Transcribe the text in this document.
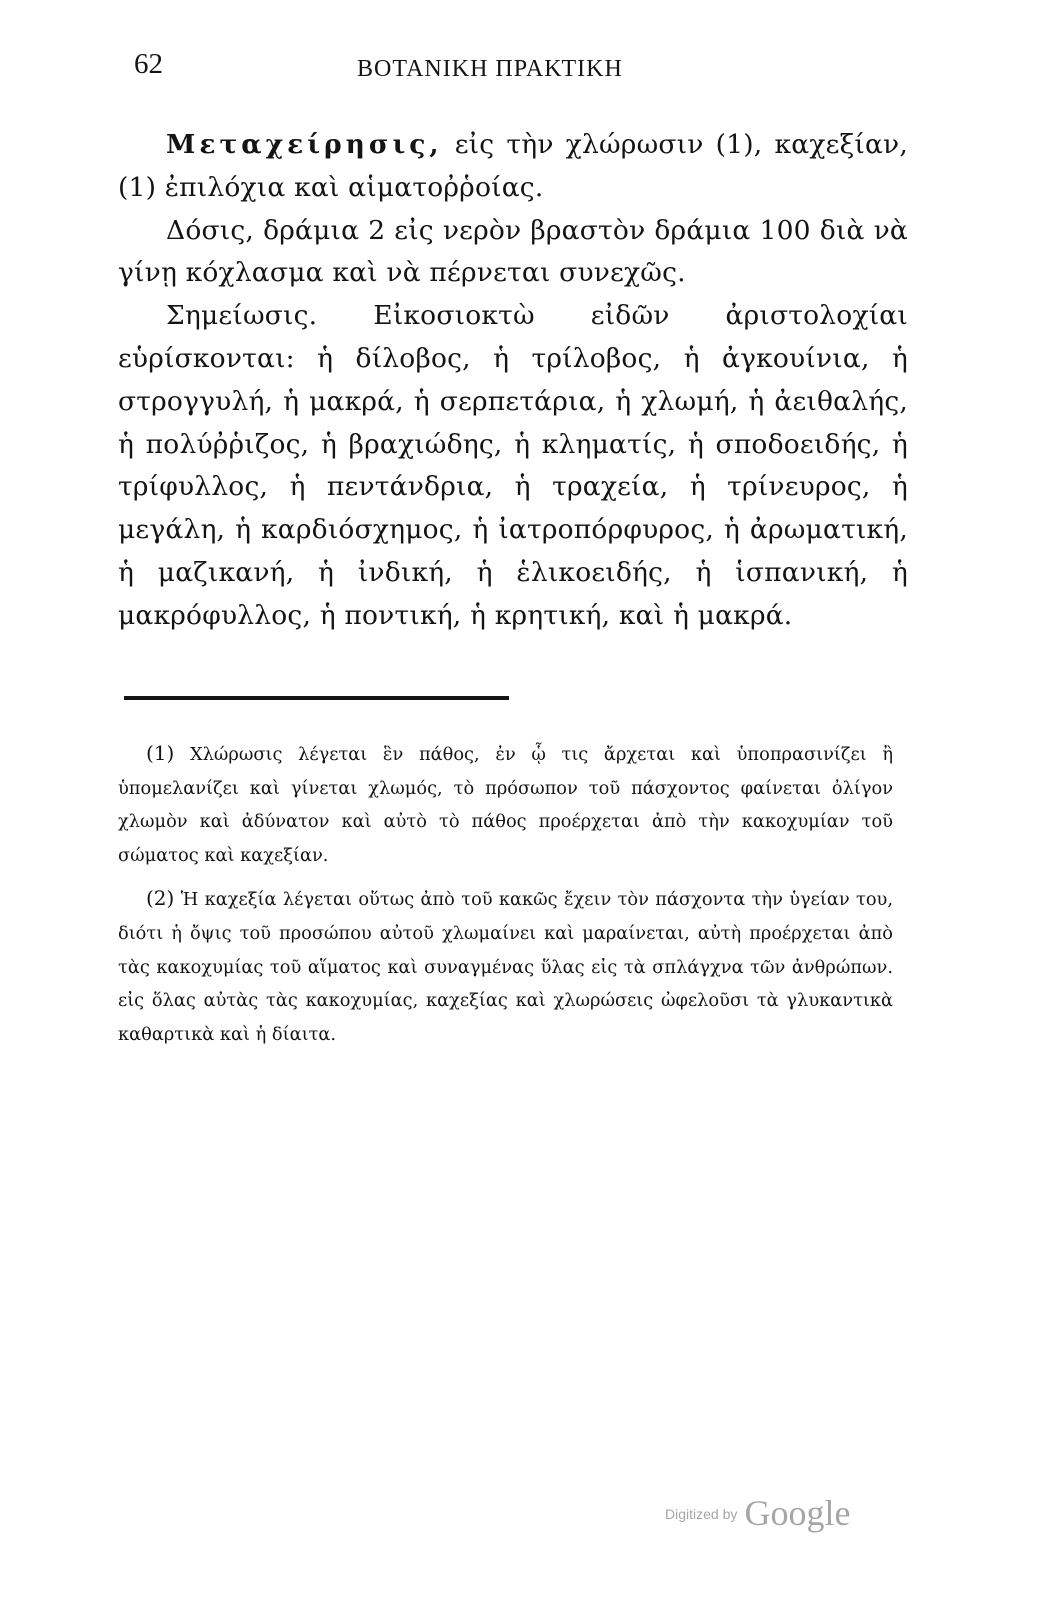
62	ΒΟΤΑΝΙΚΗ ΠΡΑΚΤΙΚΗ

Μεταχείρησις, εἰς τὴν χλώρωσιν (1), καχεξίαν, (1) ἐπιλόχια καὶ αἱματοῤῥοίας.

Δόσις, δράμια 2 εἰς νερὸν βραστὸν δράμια 100 διὰ νὰ γίνῃ κόχλασμα καὶ νὰ πέρνεται συνεχῶς.

Σημείωσις. Εἰκοσιοκτὼ εἰδῶν ἀριστολοχίαι εὑρίσκονται: ἡ δίλοβος, ἡ τρίλοβος, ἡ ἀγκουίνια, ἡ στρογγυλή, ἡ μακρά, ἡ σερπετάρια, ἡ χλωμή, ἡ ἀειθαλής, ἡ πολύῤῥιζος, ἡ βραχιώδης, ἡ κληματίς, ἡ σποδοειδής, ἡ τρίφυλλος, ἡ πεντάνδρια, ἡ τραχεία, ἡ τρίνευρος, ἡ μεγάλη, ἡ καρδιόσχημος, ἡ ἰατροπόρφυρος, ἡ ἀρωματική, ἡ μαζικανή, ἡ ἰνδική, ἡ ἑλικοειδής, ἡ ἱσπανική, ἡ μακρόφυλλος, ἡ ποντική, ἡ κρητική, καὶ ἡ μακρά.

(1) Χλώρωσις λέγεται ἓν πάθος, ἐν ᾧ τις ἄρχεται καὶ ὑποπρασινίζει ἢ ὑπομελανίζει καὶ γίνεται χλωμός, τὸ πρόσωπον τοῦ πάσχοντος φαίνεται ὀλίγον χλωμὸν καὶ ἀδύνατον καὶ αὐτὸ τὸ πάθος προέρχεται ἀπὸ τὴν κακοχυμίαν τοῦ σώματος καὶ καχεξίαν.

(2) Ἡ καχεξία λέγεται οὕτως ἀπὸ τοῦ κακῶς ἔχειν τὸν πάσχοντα τὴν ὑγείαν του, διότι ἡ ὄψις τοῦ προσώπου αὐτοῦ χλωμαίνει καὶ μαραίνεται, αὐτὴ προέρχεται ἀπὸ τὰς κακοχυμίας τοῦ αἵματος καὶ συναγμένας ὕλας εἰς τὰ σπλάγχνα τῶν ἀνθρώπων. εἰς ὅλας αὐτὰς τὰς κακοχυμίας, καχεξίας καὶ χλωρώσεις ὠφελοῦσι τὰ γλυκαντικὰ καθαρτικὰ καὶ ἡ δίαιτα.

Digitized by Google
